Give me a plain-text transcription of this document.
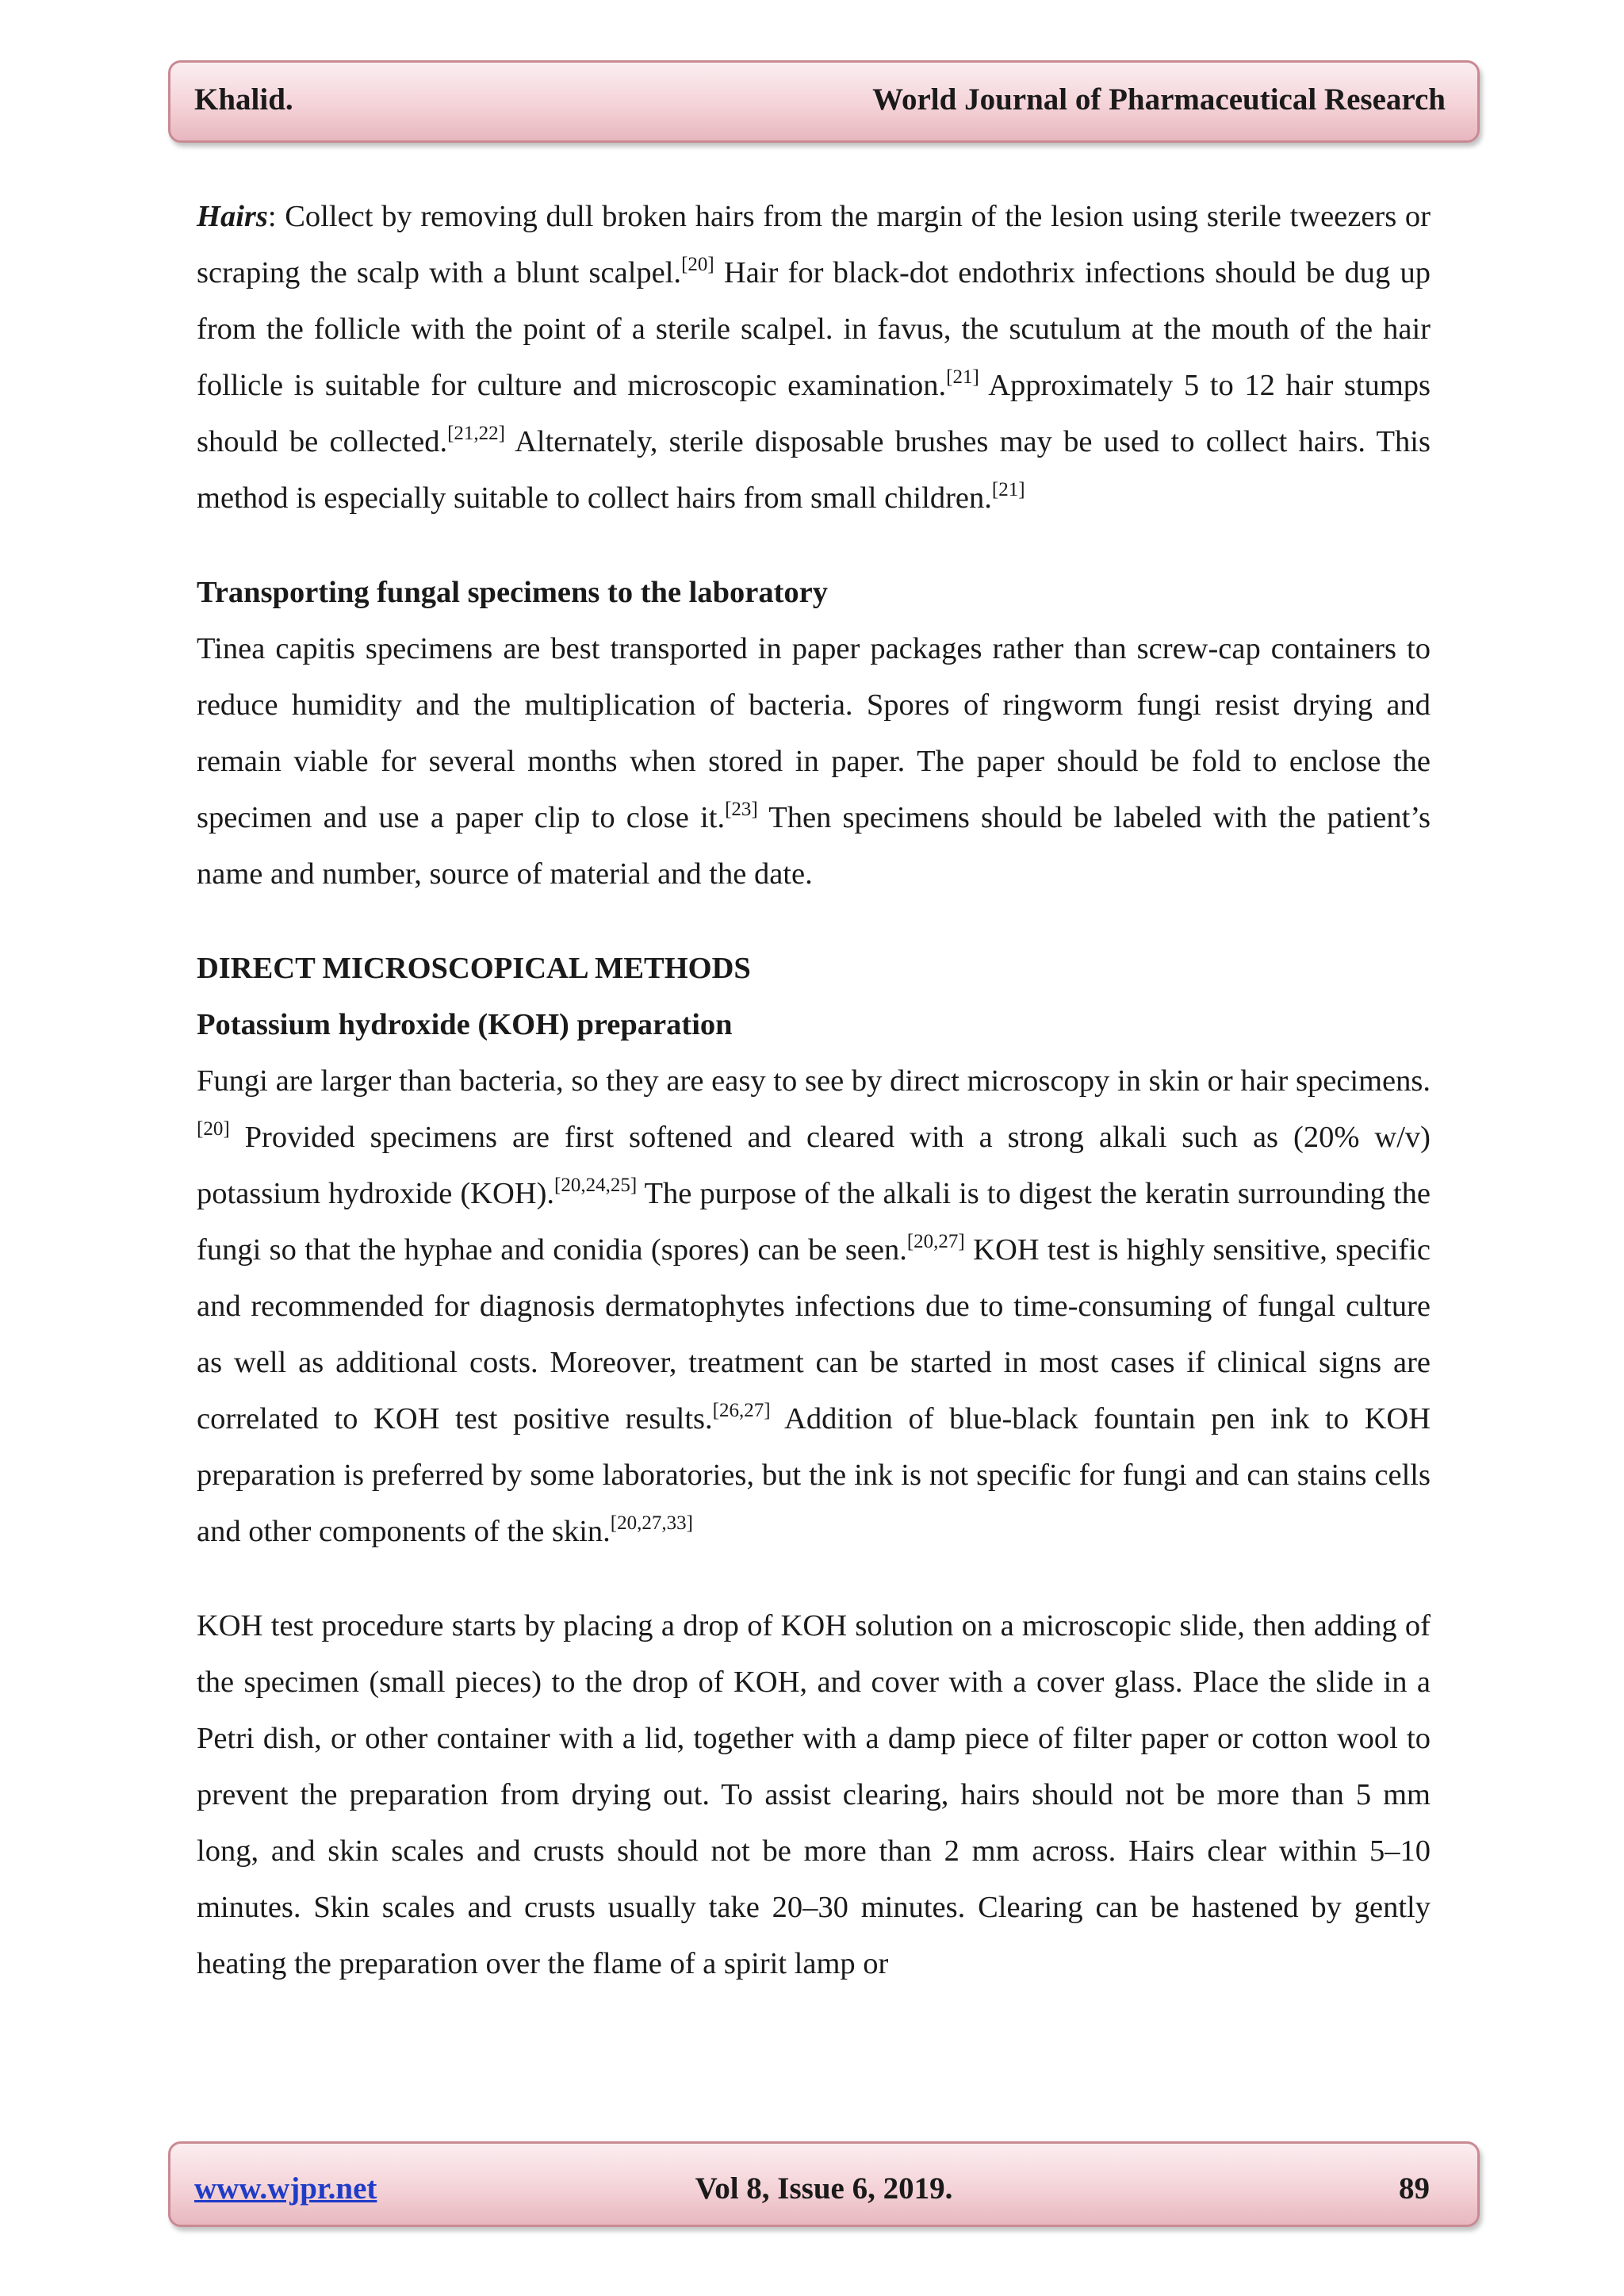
Khalid.	World Journal of Pharmaceutical Research

Hairs: Collect by removing dull broken hairs from the margin of the lesion using sterile tweezers or scraping the scalp with a blunt scalpel.[20] Hair for black-dot endothrix infections should be dug up from the follicle with the point of a sterile scalpel. in favus, the scutulum at the mouth of the hair follicle is suitable for culture and microscopic examination.[21] Approximately 5 to 12 hair stumps should be collected.[21,22] Alternately, sterile disposable brushes may be used to collect hairs. This method is especially suitable to collect hairs from small children.[21]

Transporting fungal specimens to the laboratory

Tinea capitis specimens are best transported in paper packages rather than screw-cap containers to reduce humidity and the multiplication of bacteria. Spores of ringworm fungi resist drying and remain viable for several months when stored in paper. The paper should be fold to enclose the specimen and use a paper clip to close it.[23] Then specimens should be labeled with the patient’s name and number, source of material and the date.

DIRECT MICROSCOPICAL METHODS
Potassium hydroxide (KOH) preparation

Fungi are larger than bacteria, so they are easy to see by direct microscopy in skin or hair specimens.[20] Provided specimens are first softened and cleared with a strong alkali such as (20% w/v) potassium hydroxide (KOH).[20,24,25] The purpose of the alkali is to digest the keratin surrounding the fungi so that the hyphae and conidia (spores) can be seen.[20,27] KOH test is highly sensitive, specific and recommended for diagnosis dermatophytes infections due to time-consuming of fungal culture as well as additional costs. Moreover, treatment can be started in most cases if clinical signs are correlated to KOH test positive results.[26,27] Addition of blue-black fountain pen ink to KOH preparation is preferred by some laboratories, but the ink is not specific for fungi and can stains cells and other components of the skin.[20,27,33]

KOH test procedure starts by placing a drop of KOH solution on a microscopic slide, then adding of the specimen (small pieces) to the drop of KOH, and cover with a cover glass. Place the slide in a Petri dish, or other container with a lid, together with a damp piece of filter paper or cotton wool to prevent the preparation from drying out. To assist clearing, hairs should not be more than 5 mm long, and skin scales and crusts should not be more than 2 mm across. Hairs clear within 5–10 minutes. Skin scales and crusts usually take 20–30 minutes. Clearing can be hastened by gently heating the preparation over the flame of a spirit lamp or

www.wjpr.net	Vol 8, Issue 6, 2019.	89
